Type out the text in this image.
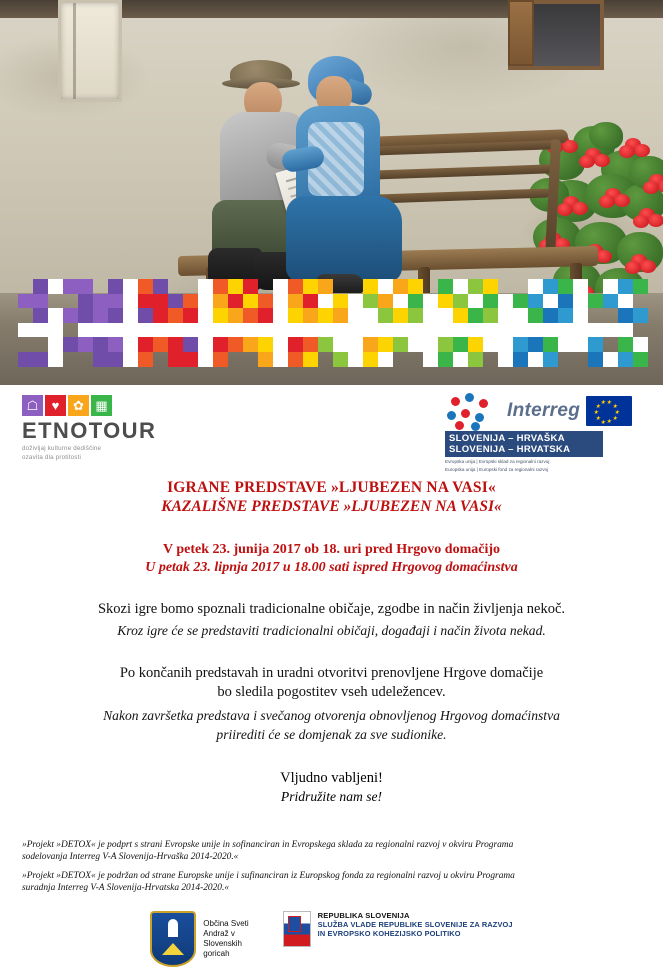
☖	♥	✿ ▦
ETNOTOUR
doživljaj kulturne dediščine
ozavita dla protitosti
Interreg	★
★
★
★
★
★
★
★
★
★
SLOVENIJA – HRVAŠKA
SLOVENIJA – HRVATSKA
Evropska unija | Evropski sklad za regionalni razvoj
Europska unija | Europski fond za regionalni razvoj
IGRANE PREDSTAVE »LJUBEZEN NA VASI«
KAZALIŠNE PREDSTAVE »LJUBEZEN NA VASI«
V petek 23. junija 2017 ob 18. uri pred Hrgovo domačijo
U petak 23. lipnja 2017 u 18.00 sati ispred Hrgovog domaćinstva
Skozi igre bomo spoznali tradicionalne običaje, zgodbe in način življenja nekoč.
Kroz igre će se predstaviti tradicionalni običaji, događaji i način života nekad.
Po končanih predstavah in uradni otvoritvi prenovljene Hrgove domačije
bo sledila pogostitev vseh udeležencev.
Nakon završetka predstava i svečanog otvorenja obnovljenog Hrgovog domaćinstva
priirediti će se domjenak za sve sudionike.
Vljudno vabljeni!
Pridružite nam se!

»Projekt »DETOX« je podprt s strani Evropske unije in sofinanciran in Evropskega sklada za regionalni razvoj v okviru Programa
sodelovanja Interreg V-A Slovenija-Hrvaška 2014-2020.«

»Projekt »DETOX« je podržan od strane Europske unije i sufinanciran iz Europskog fonda za regionalni razvoj u okviru Programa
suradnja Interreg V-A Slovenija-Hrvatska 2014-2020.«

Občina Sveti
Andraž v
Slovenskih
goricah
REPUBLIKA SLOVENIJA
SLUŽBA VLADE REPUBLIKE SLOVENIJE ZA RAZVOJ
IN EVROPSKO KOHEZIJSKO POLITIKO
